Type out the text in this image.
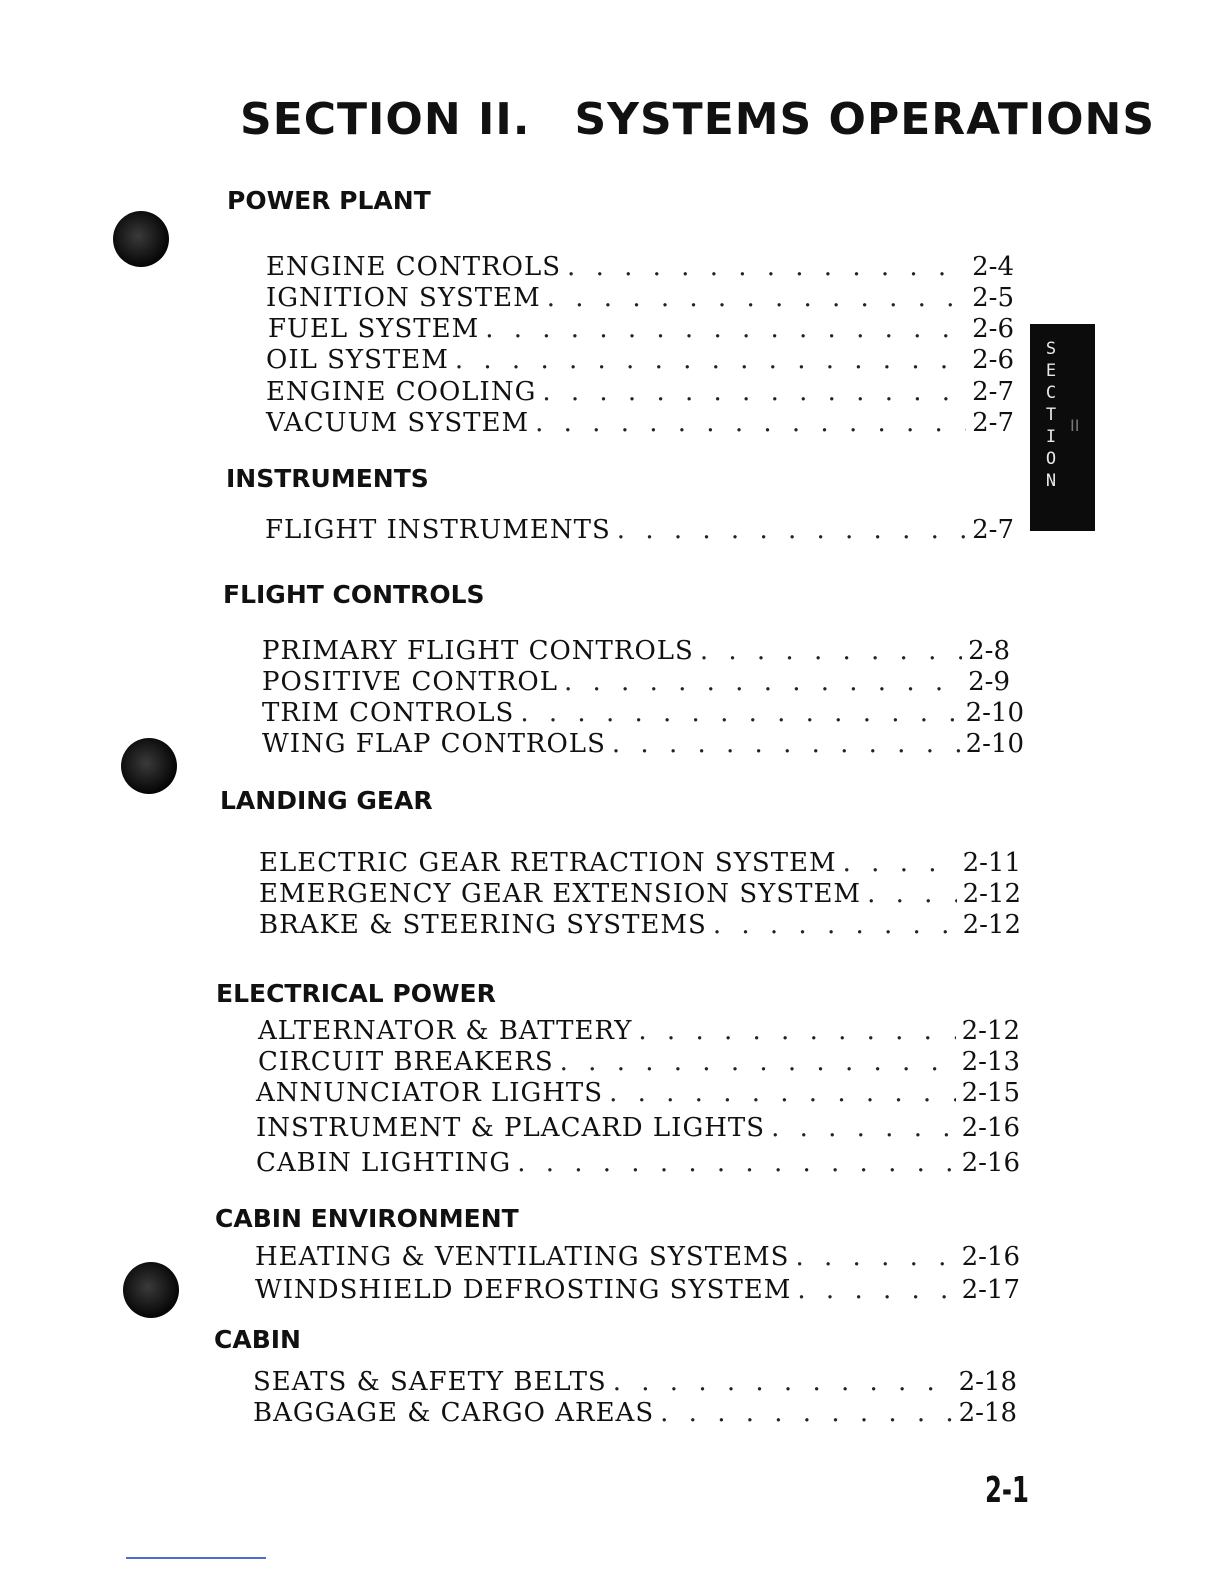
SECTION II. SYSTEMS OPERATIONS
POWER PLANT
ENGINE CONTROLS . . .	2-4
IGNITION SYSTEM . . .	2-5
FUEL SYSTEM . . .	2-6
OIL SYSTEM . . .	2-6
ENGINE COOLING . . .	2-7
VACUUM SYSTEM . . .	2-7
INSTRUMENTS
FLIGHT INSTRUMENTS . . .	2-7
FLIGHT CONTROLS
PRIMARY FLIGHT CONTROLS . . .	2-8
POSITIVE CONTROL . . .	2-9
TRIM CONTROLS . . .	2-10
WING FLAP CONTROLS . . .	2-10
LANDING GEAR
ELECTRIC GEAR RETRACTION SYSTEM . . .	2-11
EMERGENCY GEAR EXTENSION SYSTEM . . .	2-12
BRAKE & STEERING SYSTEMS . . .	2-12
ELECTRICAL POWER
ALTERNATOR & BATTERY . . .	2-12
CIRCUIT BREAKERS . . .	2-13
ANNUNCIATOR LIGHTS . . .	2-15
INSTRUMENT & PLACARD LIGHTS . . .	2-16
CABIN LIGHTING . . .	2-16
CABIN ENVIRONMENT
HEATING & VENTILATING SYSTEMS . . .	2-16
WINDSHIELD DEFROSTING SYSTEM . . .	2-17
CABIN
SEATS & SAFETY BELTS . . .	2-18
BAGGAGE & CARGO AREAS . . .	2-18
S
E
C
T
I
O
N
II
2-1
